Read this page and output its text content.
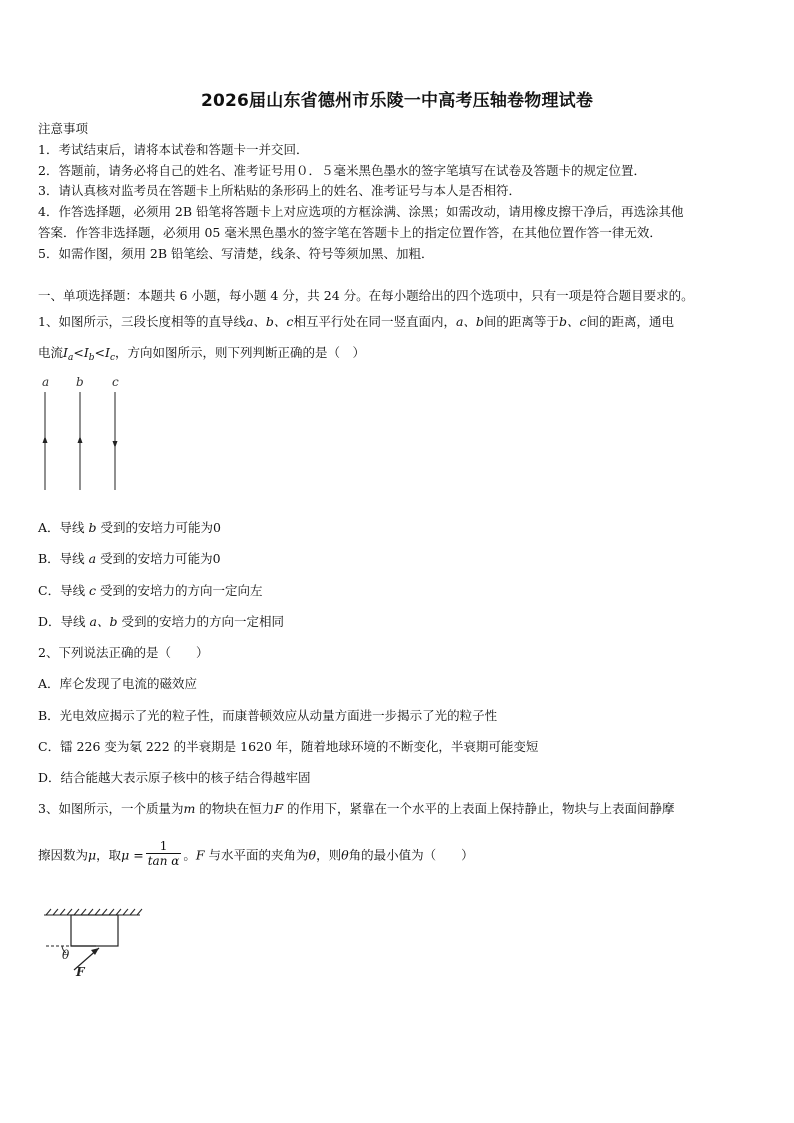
2026届山东省德州市乐陵一中高考压轴卷物理试卷
注意事项
1．考试结束后，请将本试卷和答题卡一并交回．
2．答题前，请务必将自己的姓名、准考证号用０．５毫米黑色墨水的签字笔填写在试卷及答题卡的规定位置．
3．请认真核对监考员在答题卡上所粘贴的条形码上的姓名、准考证号与本人是否相符．
4．作答选择题，必须用 2B 铅笔将答题卡上对应选项的方框涂满、涂黑；如需改动，请用橡皮擦干净后，再选涂其他
答案．作答非选择题，必须用 05 毫米黑色墨水的签字笔在答题卡上的指定位置作答，在其他位置作答一律无效．
5．如需作图，须用 2B 铅笔绘、写清楚，线条、符号等须加黑、加粗．
一、单项选择题：本题共 6 小题，每小题 4 分，共 24 分。在每小题给出的四个选项中，只有一项是符合题目要求的。
1、如图所示，三段长度相等的直导线a、b、c相互平行处在同一竖直面内，a、b间的距离等于b、c间的距离，通电
电流$I_a<I_b<I_c$，方向如图所示，则下列判断正确的是（　）
a b c
A．导线 b 受到的安培力可能为0
B．导线 a 受到的安培力可能为0
C．导线 c 受到的安培力的方向一定向左
D．导线 a、b 受到的安培力的方向一定相同
2、下列说法正确的是（　　）
A．库仑发现了电流的磁效应
B．光电效应揭示了光的粒子性，而康普顿效应从动量方面进一步揭示了光的粒子性
C．镭 226 变为氡 222 的半衰期是 1620 年，随着地球环境的不断变化，半衰期可能变短
D．结合能越大表示原子核中的核子结合得越牢固
3、如图所示，一个质量为m 的物块在恒力F 的作用下，紧靠在一个水平的上表面上保持静止，物块与上表面间静摩
擦因数为μ，取$\mu = \frac{1}{\text{tan α}}$ 。F 与水平面的夹角为θ，则θ角的最小值为（　　）
θ
F
